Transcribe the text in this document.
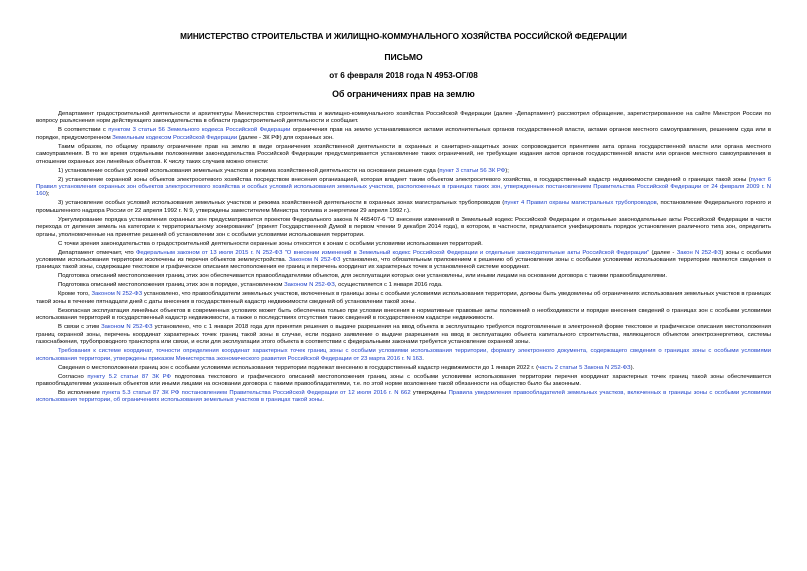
МИНИСТЕРСТВО СТРОИТЕЛЬСТВА И ЖИЛИЩНО-КОММУНАЛЬНОГО ХОЗЯЙСТВА РОССИЙСКОЙ ФЕДЕРАЦИИ
ПИСЬМО
от 6 февраля 2018 года N 4953-ОГ/08
Об ограничениях прав на землю

Департамент градостроительной деятельности и архитектуры Министерства строительства и жилищно-коммунального хозяйства Российской Федерации (далее -Департамент) рассмотрел обращение, зарегистрированное на сайте Минстроя России по вопросу разъяснения норм действующего законодательства в области градостроительной деятельности и сообщает.

В соответствии с пунктом 3 статьи 56 Земельного кодекса Российской Федерации ограничения прав на землю устанавливаются актами исполнительных органов государственной власти, актами органов местного самоуправления, решением суда или в порядке, предусмотренном Земельным кодексом Российской Федерации (далее - ЗК РФ) для охранных зон.

Таким образом, по общему правилу ограничение прав на землю в виде ограничения хозяйственной деятельности в охранных и санитарно-защитных зонах сопровождается принятием акта органа государственной власти или органа местного самоуправления. В то же время отдельными положениями законодательства Российской Федерации предусматривается установление таких ограничений, не требующее издания актов органов государственной власти или органов местного самоуправления в отношении охранных зон линейных объектов. К числу таких случаев можно отнести:

1) установление особых условий использования земельных участков и режима хозяйственной деятельности на основании решения суда (пункт 3 статьи 56 ЗК РФ);

2) установление охранной зоны объектов электросетевого хозяйства посредством внесения организацией, которая владеет таким объектом электросетевого хозяйства, в государственный кадастр недвижимости сведений о границах такой зоны (пункт 6 Правил установления охранных зон объектов электросетевого хозяйства и особых условий использования земельных участков, расположенных в границах таких зон, утвержденных постановлением Правительства Российской Федерации от 24 февраля 2009 г. N 160);

3) установление особых условий использования земельных участков и режима хозяйственной деятельности в охранных зонах магистральных трубопроводов (пункт 4 Правил охраны магистральных трубопроводов, постановление Федерального горного и промышленного надзора России от 22 апреля 1992 г. N 9, утверждены заместителем Министра топлива и энергетики 29 апреля 1992 г.).

Урегулирование порядка установления охранных зон предусматривается проектом Федерального закона N 465407-6 "О внесении изменений в Земельный кодекс Российской Федерации и отдельные законодательные акты Российской Федерации в части перехода от деления земель на категории к территориальному зонированию" (принят Государственной Думой в первом чтении 9 декабря 2014 года), в котором, в частности, предлагается унифицировать порядок установления различного типа зон, определить органы, уполномоченные на принятие решений об установлении зон с особыми условиями использования территории.

С точки зрения законодательства о градостроительной деятельности охранные зоны относятся к зонам с особыми условиями использования территорий.

Департамент отмечает, что Федеральным законом от 13 июля 2015 г. N 252-ФЗ "О внесении изменений в Земельный кодекс Российской Федерации и отдельные законодательные акты Российской Федерации" (далее - Закон N 252-ФЗ) зоны с особыми условиями использования территории исключены из перечня объектов землеустройства. Законом N 252-ФЗ установлено, что обязательным приложением к решению об установлении зоны с особыми условиями использования территории являются сведения о границах такой зоны, содержащие текстовое и графическое описания местоположения ее границ и перечень координат их характерных точек в установленной системе координат.

Подготовка описаний местоположения границ этих зон обеспечивается правообладателями объектов, для эксплуатации которых они установлены, или иными лицами на основании договора с такими правообладателями.

Подготовка описаний местоположения границ этих зон в порядке, установленном Законом N 252-ФЗ, осуществляется с 1 января 2016 года.

Кроме того, Законом N 252-ФЗ установлено, что правообладатели земельных участков, включенных в границы зоны с особыми условиями использования территории, должны быть уведомлены об ограничениях использования земельных участков в границах такой зоны в течение пятнадцати дней с даты внесения в государственный кадастр недвижимости сведений об установлении такой зоны.

Безопасная эксплуатация линейных объектов в современных условиях может быть обеспечена только при условии внесения в нормативные правовые акты положений о необходимости и порядке внесения сведений о границах зон с особыми условиями использования территорий в государственный кадастр недвижимости, а также о последствиях отсутствия таких сведений в государственном кадастре недвижимости.

В связи с этим Законом N 252-ФЗ установлено, что с 1 января 2018 года для принятия решения о выдаче разрешения на ввод объекта в эксплуатацию требуются подготовленные в электронной форме текстовое и графическое описания местоположения границ охранной зоны, перечень координат характерных точек границ такой зоны в случае, если подано заявление о выдаче разрешения на ввод в эксплуатацию объекта капитального строительства, являющегося объектом электроэнергетики, системы газоснабжения, трубопроводного транспорта или связи, и если для эксплуатации этого объекта в соответствии с федеральными законами требуется установление охранной зоны.

Требования к системе координат, точности определения координат характерных точек границ зоны с особыми условиями использования территории, формату электронного документа, содержащего сведения о границах зоны с особыми условиями использования территории, утверждены приказом Министерства экономического развития Российской Федерации от 23 марта 2016 г. N 163.

Сведения о местоположении границ зон с особыми условиями использования территории подлежат внесению в государственный кадастр недвижимости до 1 января 2022 г. (часть 2 статьи 5 Закона N 252-ФЗ).

Согласно пункту 5.2 статьи 87 ЗК РФ подготовка текстового и графического описаний местоположения границ зоны с особыми условиями использования территории перечня координат характерных точек границ такой зоны обеспечивается правообладателями указанных объектов или иными лицами на основании договора с такими правообладателями, т.е. по этой норме возложение такой обязанности на общество было бы законным.

Во исполнение пункта 5.3 статьи 87 ЗК РФ постановлением Правительства Российской Федерации от 12 июля 2016 г. N 662 утверждены Правила уведомления правообладателей земельных участков, включенных в границы зоны с особыми условиями использования территории, об ограничениях использования земельных участков в границах такой зоны.
